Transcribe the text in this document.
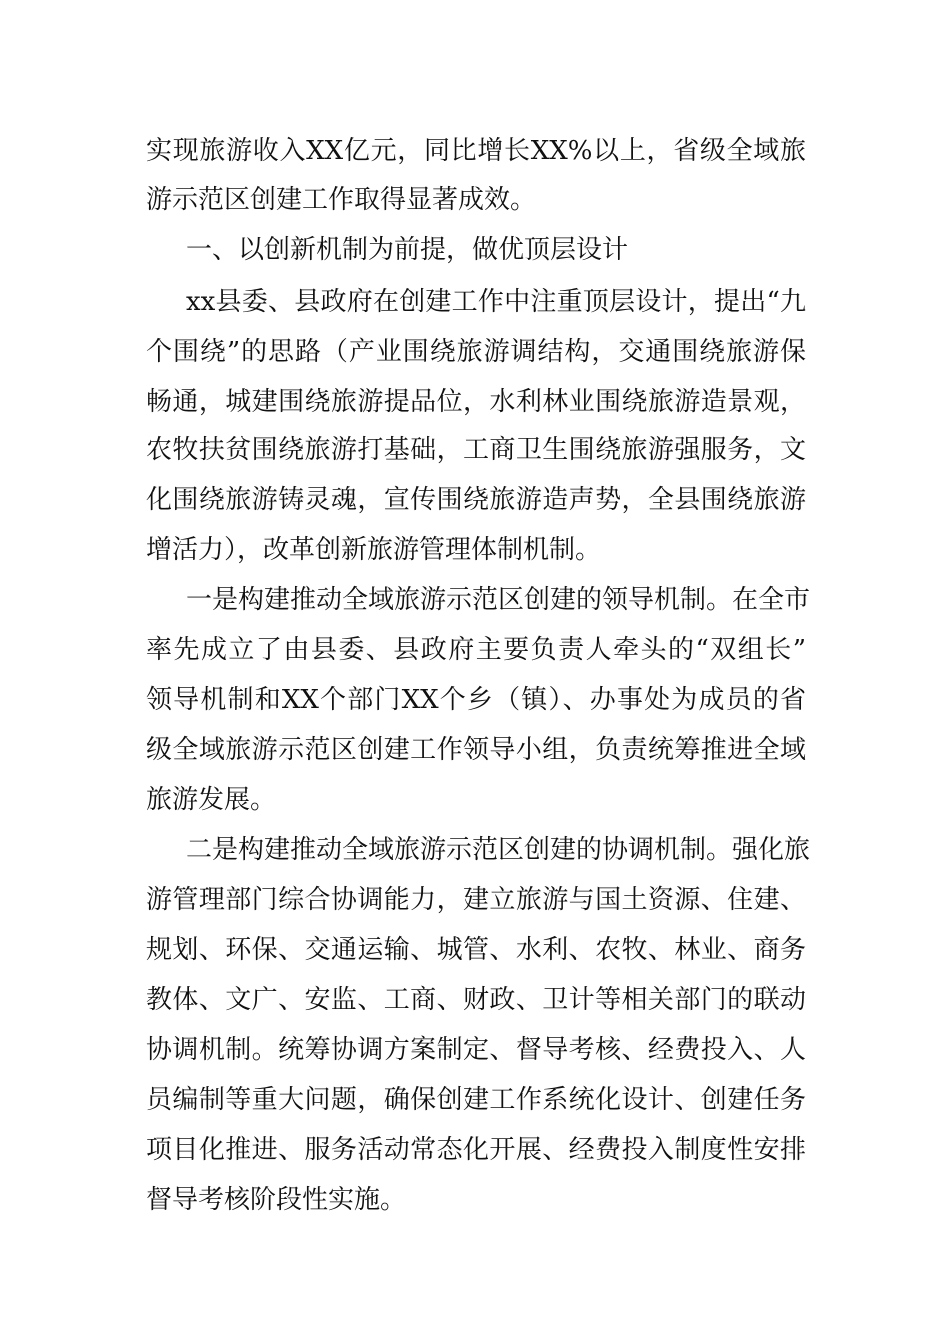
实现旅游收入XX亿元，同比增长XX%以上，省级全域旅
游示范区创建工作取得显著成效。
一、以创新机制为前提，做优顶层设计
xx县委、县政府在创建工作中注重顶层设计，提出“九
个围绕”的思路（产业围绕旅游调结构，交通围绕旅游保
畅通，城建围绕旅游提品位，水利林业围绕旅游造景观，
农牧扶贫围绕旅游打基础，工商卫生围绕旅游强服务，文
化围绕旅游铸灵魂，宣传围绕旅游造声势，全县围绕旅游
增活力），改革创新旅游管理体制机制。
一是构建推动全域旅游示范区创建的领导机制。在全市
率先成立了由县委、县政府主要负责人牵头的“双组长”
领导机制和XX个部门XX个乡（镇）、办事处为成员的省
级全域旅游示范区创建工作领导小组，负责统筹推进全域
旅游发展。
二是构建推动全域旅游示范区创建的协调机制。强化旅
游管理部门综合协调能力，建立旅游与国土资源、住建、
规划、环保、交通运输、城管、水利、农牧、林业、商务
教体、文广、安监、工商、财政、卫计等相关部门的联动
协调机制。统筹协调方案制定、督导考核、经费投入、人
员编制等重大问题，确保创建工作系统化设计、创建任务
项目化推进、服务活动常态化开展、经费投入制度性安排
督导考核阶段性实施。
